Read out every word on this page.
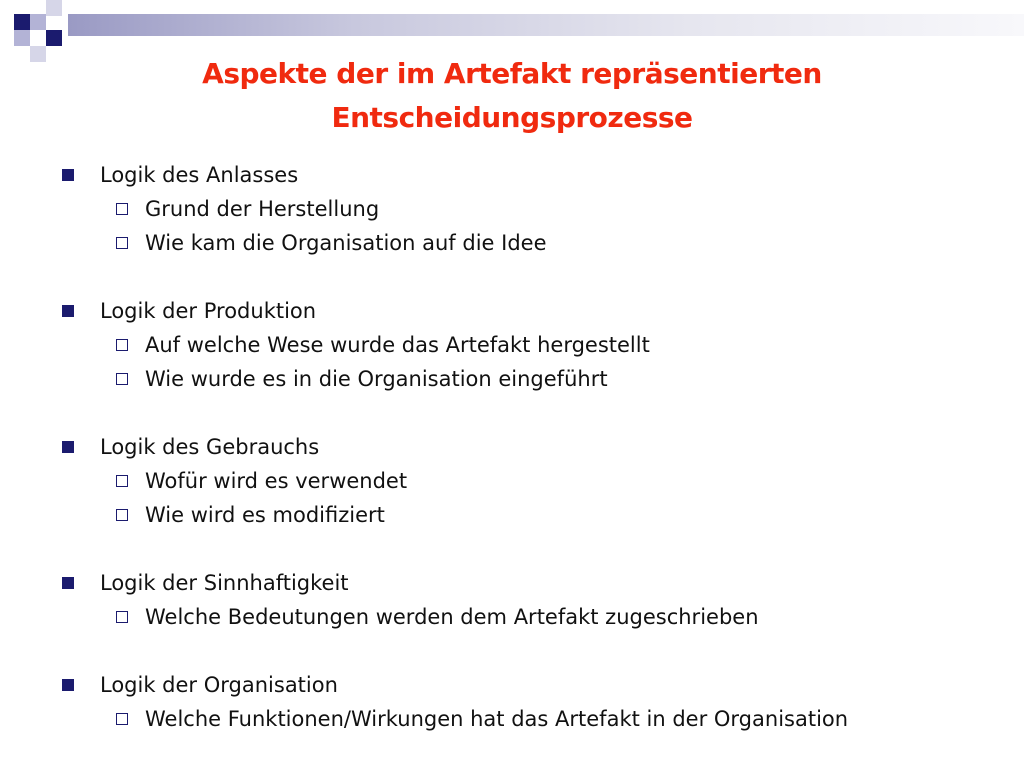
Aspekte der im Artefakt repräsentierten
Entscheidungsprozesse
Logik des Anlasses
Grund der Herstellung
Wie kam die Organisation auf die Idee
Logik der Produktion
Auf welche Wese wurde das Artefakt hergestellt
Wie wurde es in die Organisation eingeführt
Logik des Gebrauchs
Wofür wird es verwendet
Wie wird es modifiziert
Logik der Sinnhaftigkeit
Welche Bedeutungen werden dem Artefakt zugeschrieben
Logik der Organisation
Welche Funktionen/Wirkungen hat das Artefakt in der Organisation
